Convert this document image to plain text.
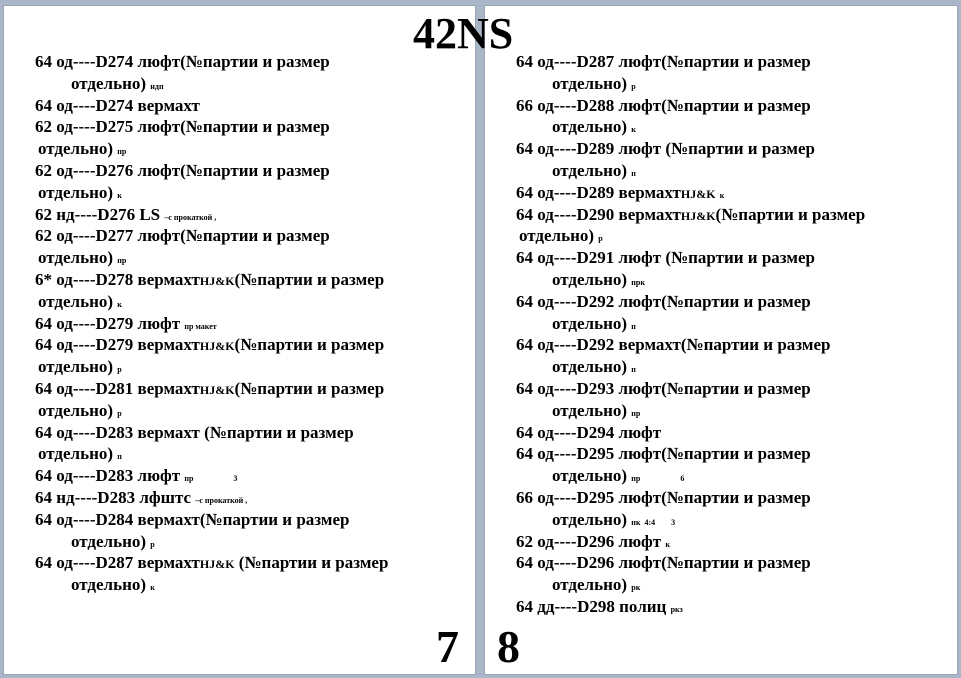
42NS
64 од----D274 люфт(№партии и размер
отдельно) ндп
64 од----D274 вермахт
62 од----D275 люфт(№партии и размер
отдельно) пр
62 од----D276 люфт(№партии и размер
отдельно) к
62 нд----D276 LS –с прокаткой ,
62 од----D277 люфт(№партии и размер
отдельно) пр
6* од----D278 вермахтHJ&K(№партии и размер
отдельно) к
64 од----D279 люфт пр макет
64 од----D279 вермахтHJ&K(№партии и размер
отдельно) р
64 од----D281 вермахтHJ&K(№партии и размер
отдельно) р
64 од----D283 вермахт (№партии и размер
отдельно) п
64 од----D283 люфт пр                    3
64 нд----D283 лфштс –с прокаткой ,
64 од----D284 вермахт(№партии и размер
отдельно) р
64 од----D287 вермахтHJ&K (№партии и размер
отдельно) к
64 од----D287 люфт(№партии и размер
отдельно) р
66 од----D288 люфт(№партии и размер
отдельно) к
64 од----D289 люфт (№партии и размер
отдельно) п
64 од----D289 вермахтHJ&K к
64 од----D290 вермахтHJ&K(№партии и размер
отдельно) р
64 од----D291 люфт (№партии и размер
отдельно) прк
64 од----D292 люфт(№партии и размер
отдельно) п
64 од----D292 вермахт(№партии и размер
отдельно) п
64 од----D293 люфт(№партии и размер
отдельно) пр
64 од----D294 люфт
64 од----D295 люфт(№партии и размер
отдельно) пр                    6
66 од----D295 люфт(№партии и размер
отдельно) пк  4:4        3
62 од----D296 люфт к
64 од----D296 люфт(№партии и размер
отдельно) рк
64 дд----D298 полиц ркз
7 8
